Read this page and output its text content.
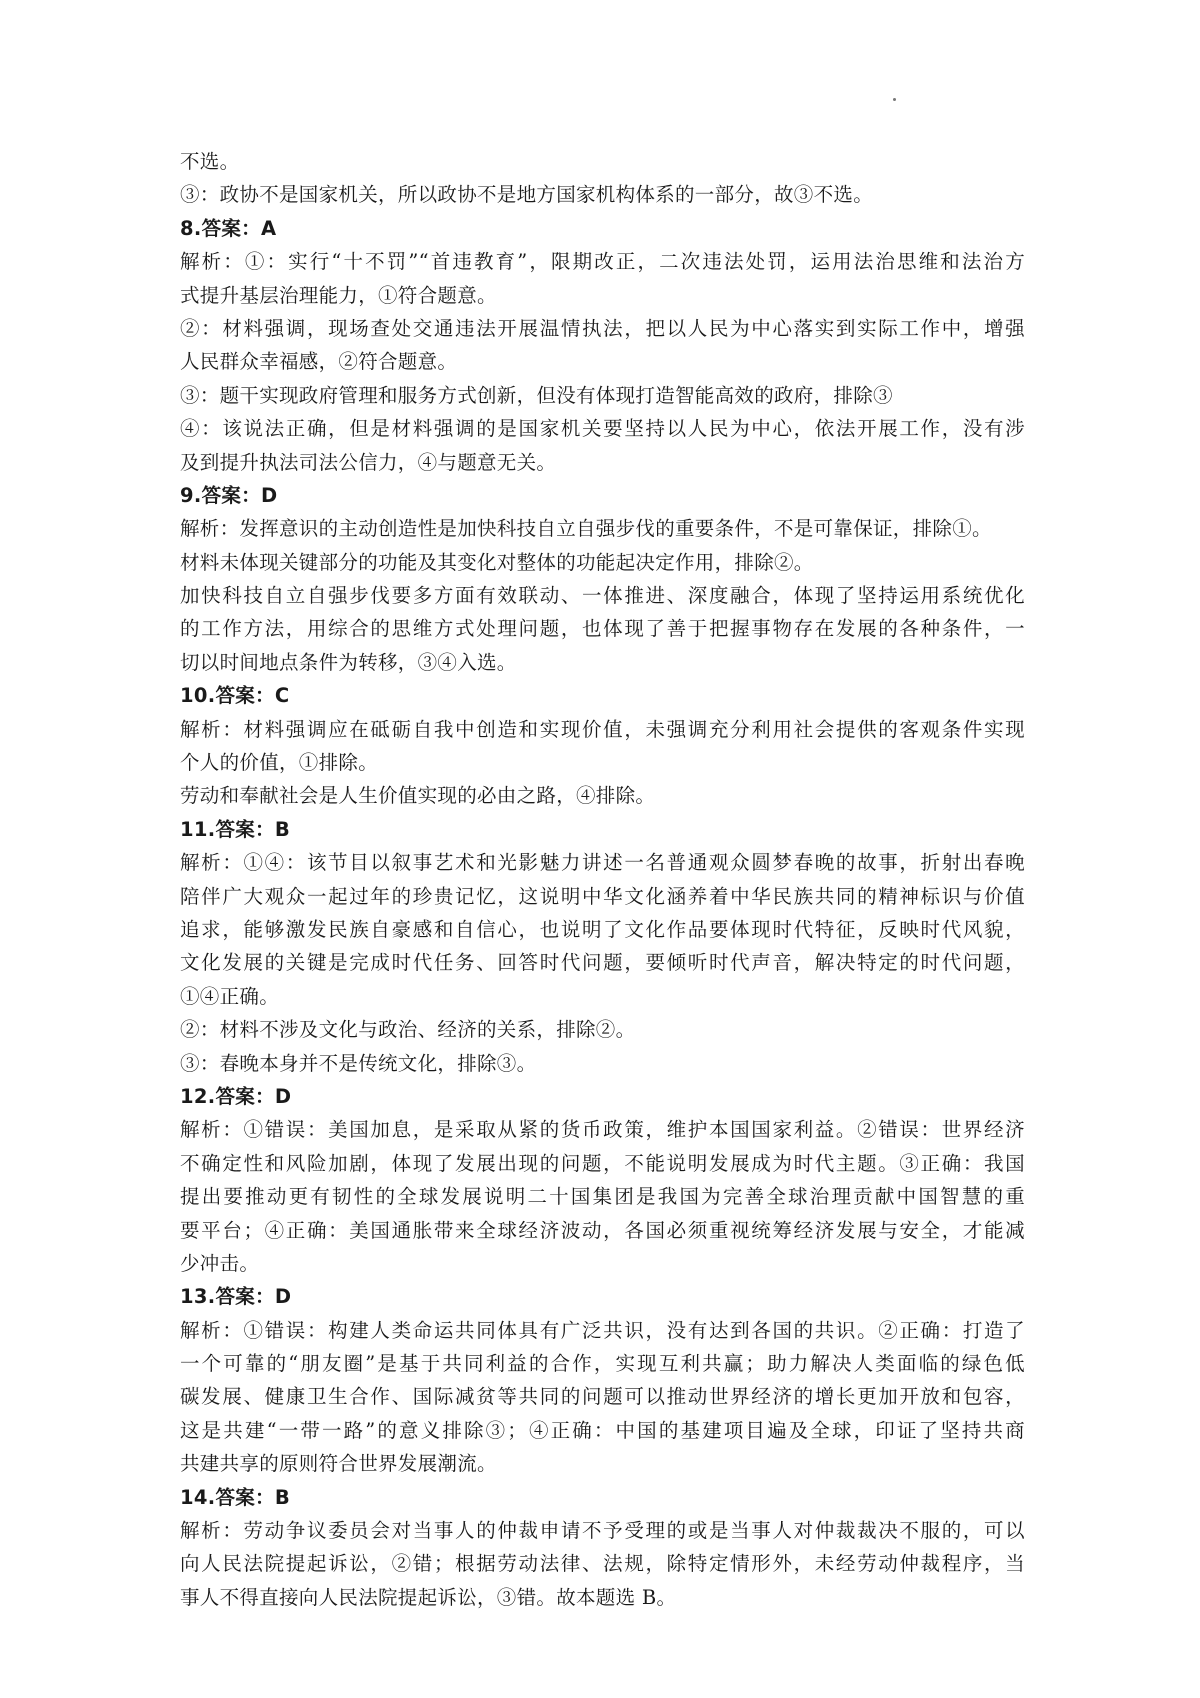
不选。
③：政协不是国家机关，所以政协不是地方国家机构体系的一部分，故③不选。
8.答案：A
解析：①：实行“十不罚”“首违教育”，限期改正，二次违法处罚，运用法治思维和法治方
式提升基层治理能力，①符合题意。
②：材料强调，现场查处交通违法开展温情执法，把以人民为中心落实到实际工作中，增强
人民群众幸福感，②符合题意。
③：题干实现政府管理和服务方式创新，但没有体现打造智能高效的政府，排除③
④：该说法正确，但是材料强调的是国家机关要坚持以人民为中心，依法开展工作，没有涉
及到提升执法司法公信力，④与题意无关。
9.答案：D
解析：发挥意识的主动创造性是加快科技自立自强步伐的重要条件，不是可靠保证，排除①。
材料未体现关键部分的功能及其变化对整体的功能起决定作用，排除②。
加快科技自立自强步伐要多方面有效联动、一体推进、深度融合，体现了坚持运用系统优化
的工作方法，用综合的思维方式处理问题，也体现了善于把握事物存在发展的各种条件，一
切以时间地点条件为转移，③④入选。
10.答案：C
解析：材料强调应在砥砺自我中创造和实现价值，未强调充分利用社会提供的客观条件实现
个人的价值，①排除。
劳动和奉献社会是人生价值实现的必由之路，④排除。
11.答案：B
解析：①④：该节目以叙事艺术和光影魅力讲述一名普通观众圆梦春晚的故事，折射出春晚
陪伴广大观众一起过年的珍贵记忆，这说明中华文化涵养着中华民族共同的精神标识与价值
追求，能够激发民族自豪感和自信心，也说明了文化作品要体现时代特征，反映时代风貌，
文化发展的关键是完成时代任务、回答时代问题，要倾听时代声音，解决特定的时代问题，
①④正确。
②：材料不涉及文化与政治、经济的关系，排除②。
③：春晚本身并不是传统文化，排除③。
12.答案：D
解析：①错误：美国加息，是采取从紧的货币政策，维护本国国家利益。②错误：世界经济
不确定性和风险加剧，体现了发展出现的问题，不能说明发展成为时代主题。③正确：我国
提出要推动更有韧性的全球发展说明二十国集团是我国为完善全球治理贡献中国智慧的重
要平台；④正确：美国通胀带来全球经济波动，各国必须重视统筹经济发展与安全，才能减
少冲击。
13.答案：D
解析：①错误：构建人类命运共同体具有广泛共识，没有达到各国的共识。②正确：打造了
一个可靠的“朋友圈”是基于共同利益的合作，实现互利共赢；助力解决人类面临的绿色低
碳发展、健康卫生合作、国际减贫等共同的问题可以推动世界经济的增长更加开放和包容，
这是共建“一带一路”的意义排除③；④正确：中国的基建项目遍及全球，印证了坚持共商
共建共享的原则符合世界发展潮流。
14.答案：B
解析：劳动争议委员会对当事人的仲裁申请不予受理的或是当事人对仲裁裁决不服的，可以
向人民法院提起诉讼，②错；根据劳动法律、法规，除特定情形外，未经劳动仲裁程序，当
事人不得直接向人民法院提起诉讼，③错。故本题选 B。
